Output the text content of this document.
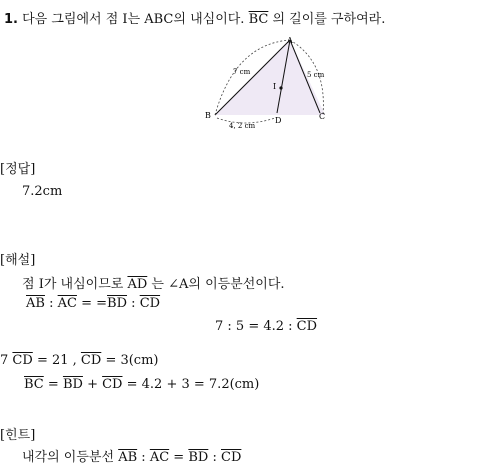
1. 다음 그림에서 점 I는 ABC의 내심이다. $\overline{BC}$ 의 길이를 구하여라.
A
B	C
D
I
7 cm	5 cm
4, 2 cm
[정답]
7.2cm
[해설]
점 I가 내심이므로 $\overline{AD}$ 는 ∠A의 이등분선이다.
$\overline{AB}$ : $\overline{AC} = =\overline{BD}$ : $\overline{CD}$
7 : 5 = 4.2 : $\overline{CD}$
7 $\overline{CD} = 21$ , $\overline{CD} = 3(cm)$
$\overline{BC} = \overline{BD} + \overline{CD} = 4.2 + 3 = 7.2(cm)$
[힌트]
내각의 이등분선 $\overline{AB}$ : $\overline{AC} = \overline{BD}$ : $\overline{CD}$
